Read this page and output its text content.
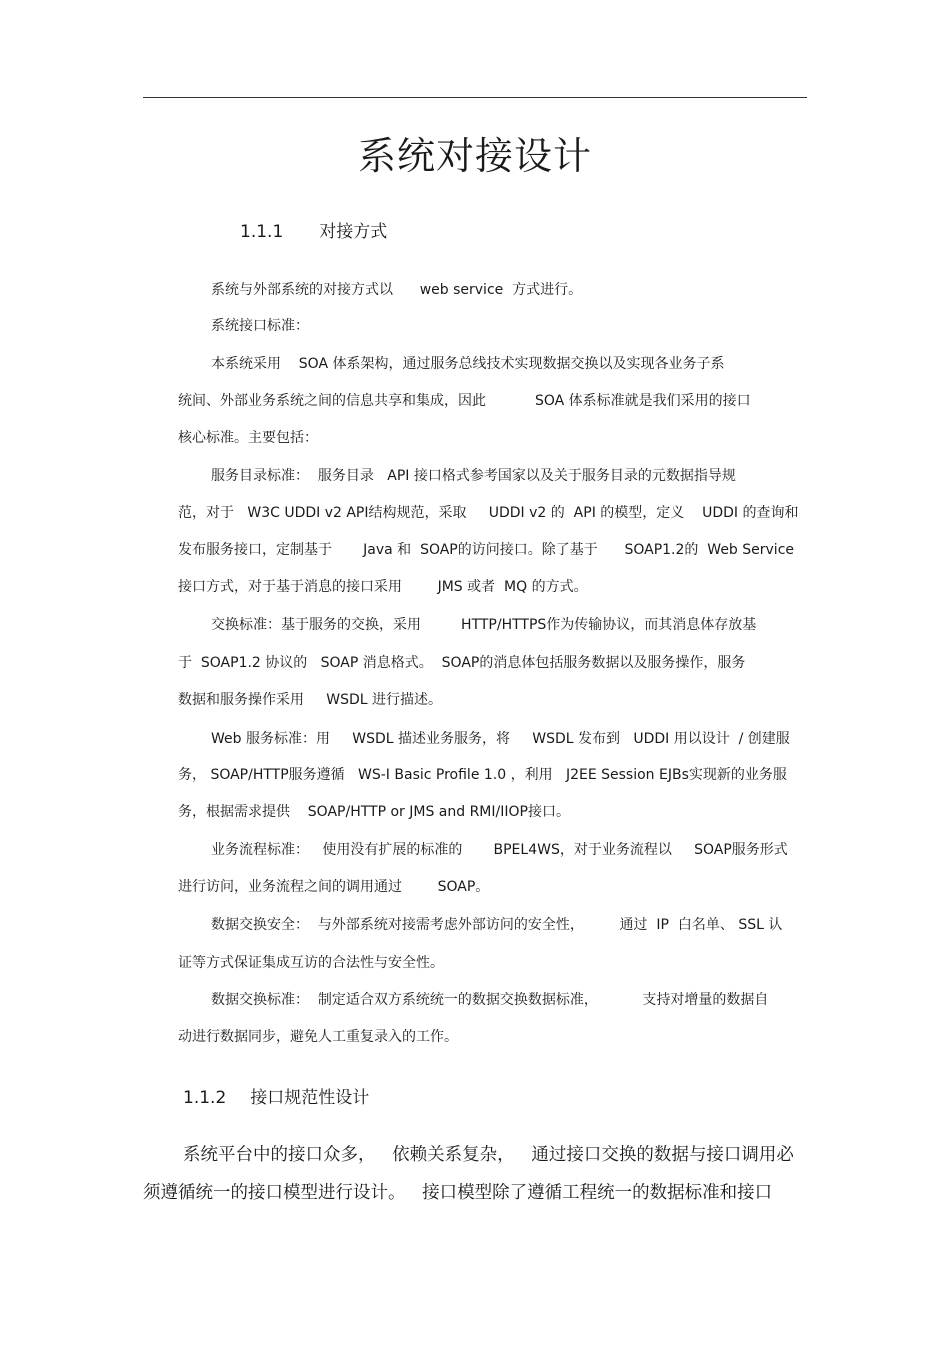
系统对接设计
1.1.1 对接方式
系统与外部系统的对接方式以      web service  方式进行。
系统接口标准：
本系统采用    SOA 体系架构，通过服务总线技术实现数据交换以及实现各业务子系
统间、外部业务系统之间的信息共享和集成，因此           SOA 体系标准就是我们采用的接口
核心标准。主要包括：
服务目录标准：  服务目录   API 接口格式参考国家以及关于服务目录的元数据指导规
范，对于   W3C UDDI v2 API结构规范，采取     UDDI v2 的  API 的模型，定义    UDDI 的查询和
发布服务接口，定制基于       Java 和  SOAP的访问接口。除了基于      SOAP1.2的  Web Service
接口方式，对于基于消息的接口采用        JMS 或者  MQ 的方式。
交换标准：基于服务的交换，采用         HTTP/HTTPS作为传输协议，而其消息体存放基
于  SOAP1.2 协议的   SOAP 消息格式。  SOAP的消息体包括服务数据以及服务操作，服务
数据和服务操作采用     WSDL 进行描述。
Web 服务标准：用     WSDL 描述业务服务，将     WSDL 发布到   UDDI 用以设计  / 创建服
务， SOAP/HTTP服务遵循   WS-I Basic Profile 1.0 ，利用   J2EE Session EJBs实现新的业务服
务，根据需求提供    SOAP/HTTP or JMS and RMI/IIOP接口。
业务流程标准：   使用没有扩展的标准的       BPEL4WS，对于业务流程以     SOAP服务形式
进行访问，业务流程之间的调用通过        SOAP。
数据交换安全：  与外部系统对接需考虑外部访问的安全性，        通过  IP  白名单、 SSL 认
证等方式保证集成互访的合法性与安全性。
数据交换标准：  制定适合双方系统统一的数据交换数据标准，          支持对增量的数据自
动进行数据同步，避免人工重复录入的工作。
1.1.2 接口规范性设计
系统平台中的接口众多，   依赖关系复杂，   通过接口交换的数据与接口调用必
须遵循统一的接口模型进行设计。   接口模型除了遵循工程统一的数据标准和接口
